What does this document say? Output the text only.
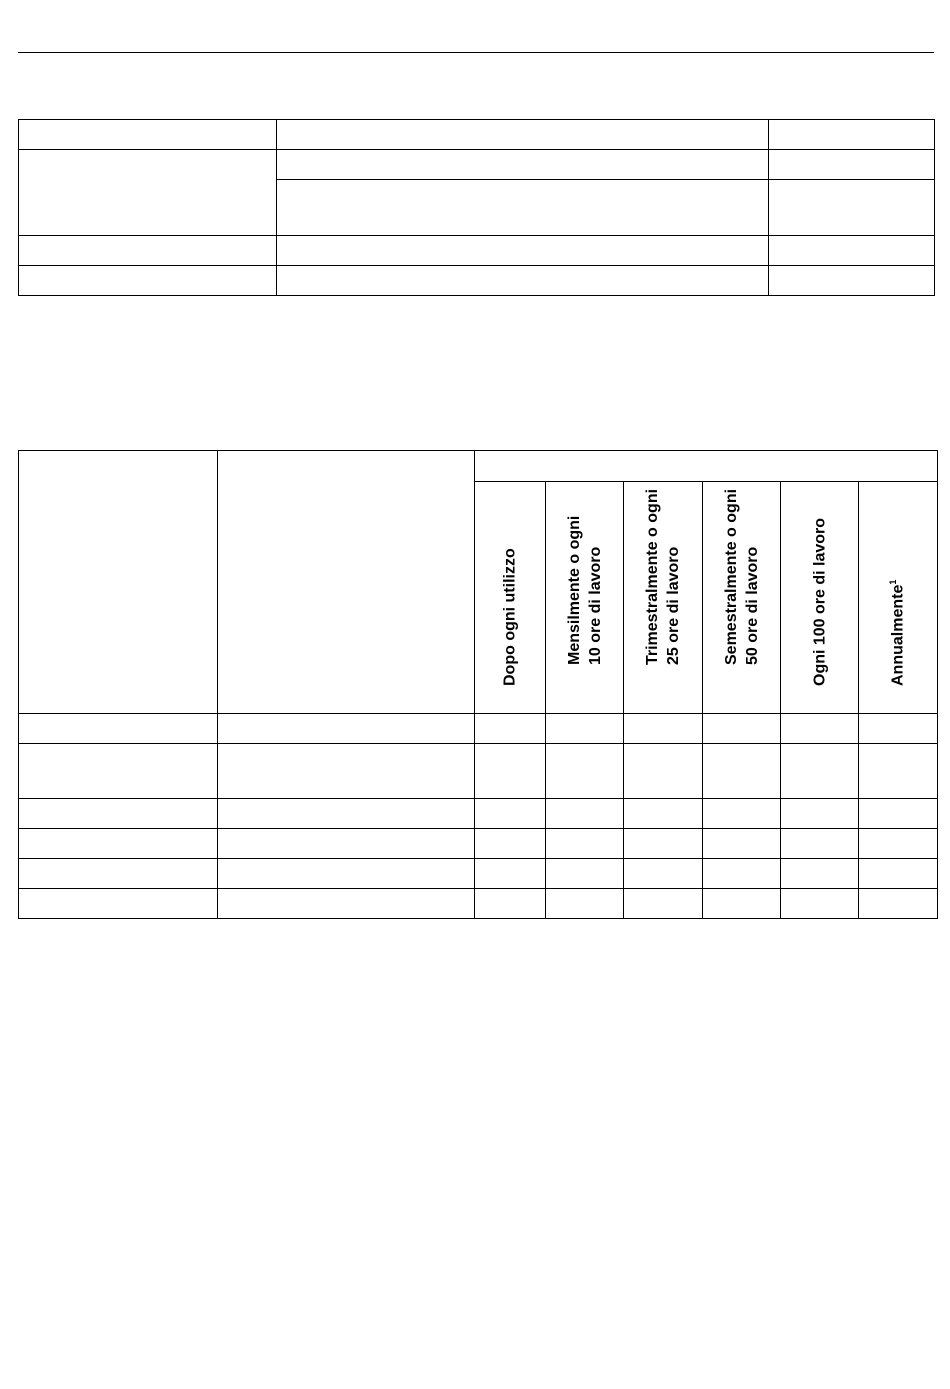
		Dopo ogni utilizzo	Mensilmente o ogni 10 ore di lavoro	Trimestralmente o ogni 25 ore di lavoro	Semestralmente o ogni 50 ore di lavoro	Ogni 100 ore di lavoro	Annualmente$^1$
